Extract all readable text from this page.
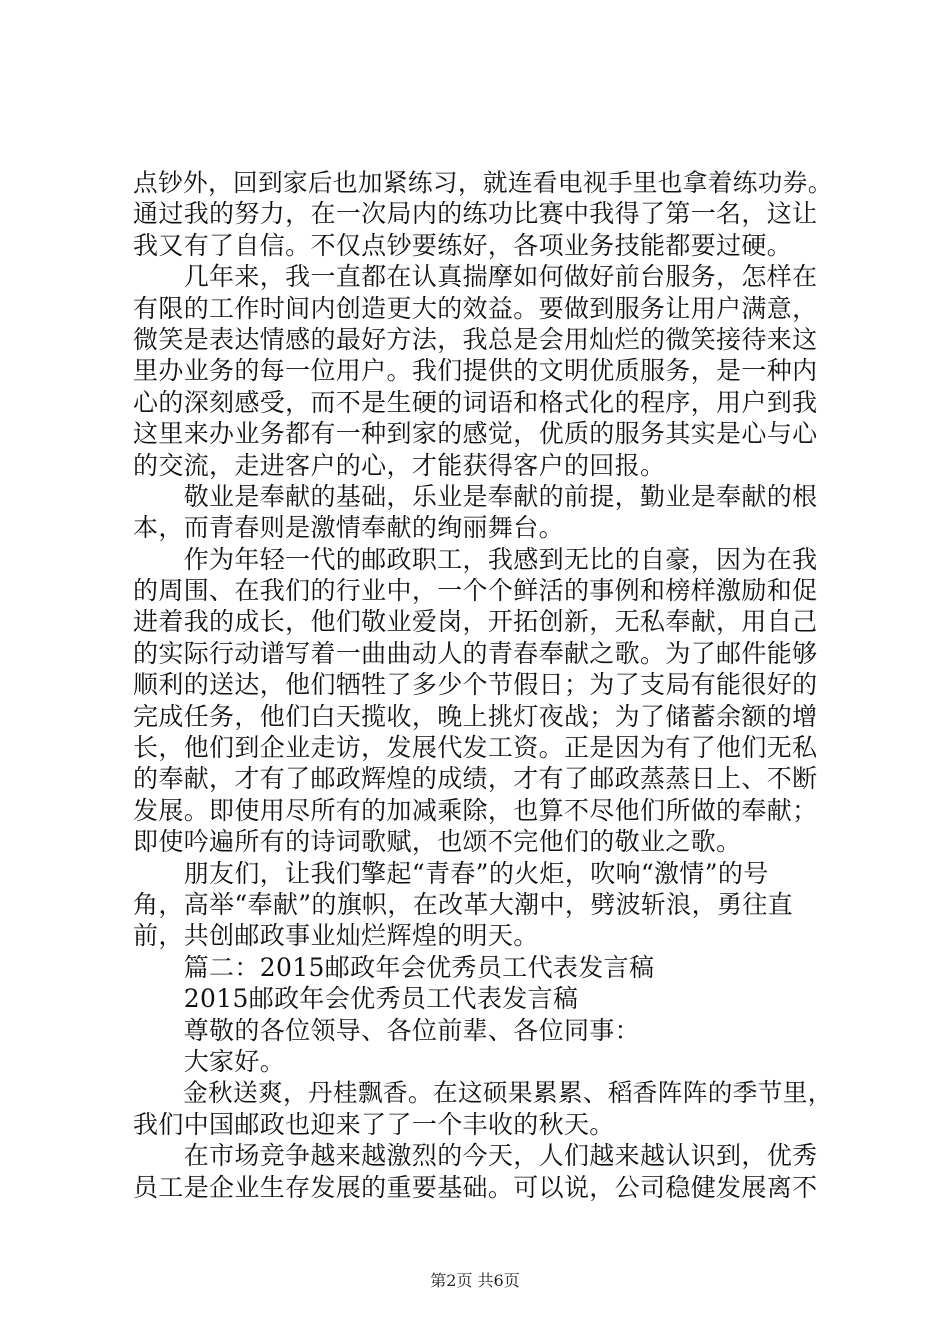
点钞外，回到家后也加紧练习，就连看电视手里也拿着练功券。
通过我的努力，在一次局内的练功比赛中我得了第一名，这让
我又有了自信。不仅点钞要练好，各项业务技能都要过硬。
　　几年来，我一直都在认真揣摩如何做好前台服务，怎样在
有限的工作时间内创造更大的效益。要做到服务让用户满意，
微笑是表达情感的最好方法，我总是会用灿烂的微笑接待来这
里办业务的每一位用户。我们提供的文明优质服务，是一种内
心的深刻感受，而不是生硬的词语和格式化的程序，用户到我
这里来办业务都有一种到家的感觉，优质的服务其实是心与心
的交流，走进客户的心，才能获得客户的回报。
　　敬业是奉献的基础，乐业是奉献的前提，勤业是奉献的根
本，而青春则是激情奉献的绚丽舞台。
　　作为年轻一代的邮政职工，我感到无比的自豪，因为在我
的周围、在我们的行业中，一个个鲜活的事例和榜样激励和促
进着我的成长，他们敬业爱岗，开拓创新，无私奉献，用自己
的实际行动谱写着一曲曲动人的青春奉献之歌。为了邮件能够
顺利的送达，他们牺牲了多少个节假日；为了支局有能很好的
完成任务，他们白天揽收，晚上挑灯夜战；为了储蓄余额的增
长，他们到企业走访，发展代发工资。正是因为有了他们无私
的奉献，才有了邮政辉煌的成绩，才有了邮政蒸蒸日上、不断
发展。即使用尽所有的加减乘除，也算不尽他们所做的奉献；
即使吟遍所有的诗词歌赋，也颂不完他们的敬业之歌。
　　朋友们，让我们擎起“青春”的火炬，吹响“激情”的号
角，高举“奉献”的旗帜，在改革大潮中，劈波斩浪，勇往直
前，共创邮政事业灿烂辉煌的明天。
　　篇二：2015邮政年会优秀员工代表发言稿
　　2015邮政年会优秀员工代表发言稿
　　尊敬的各位领导、各位前辈、各位同事：
　　大家好。
　　金秋送爽，丹桂飘香。在这硕果累累、稻香阵阵的季节里，
我们中国邮政也迎来了了一个丰收的秋天。
　　在市场竞争越来越激烈的今天，人们越来越认识到，优秀
员工是企业生存发展的重要基础。可以说，公司稳健发展离不
第2页 共6页
